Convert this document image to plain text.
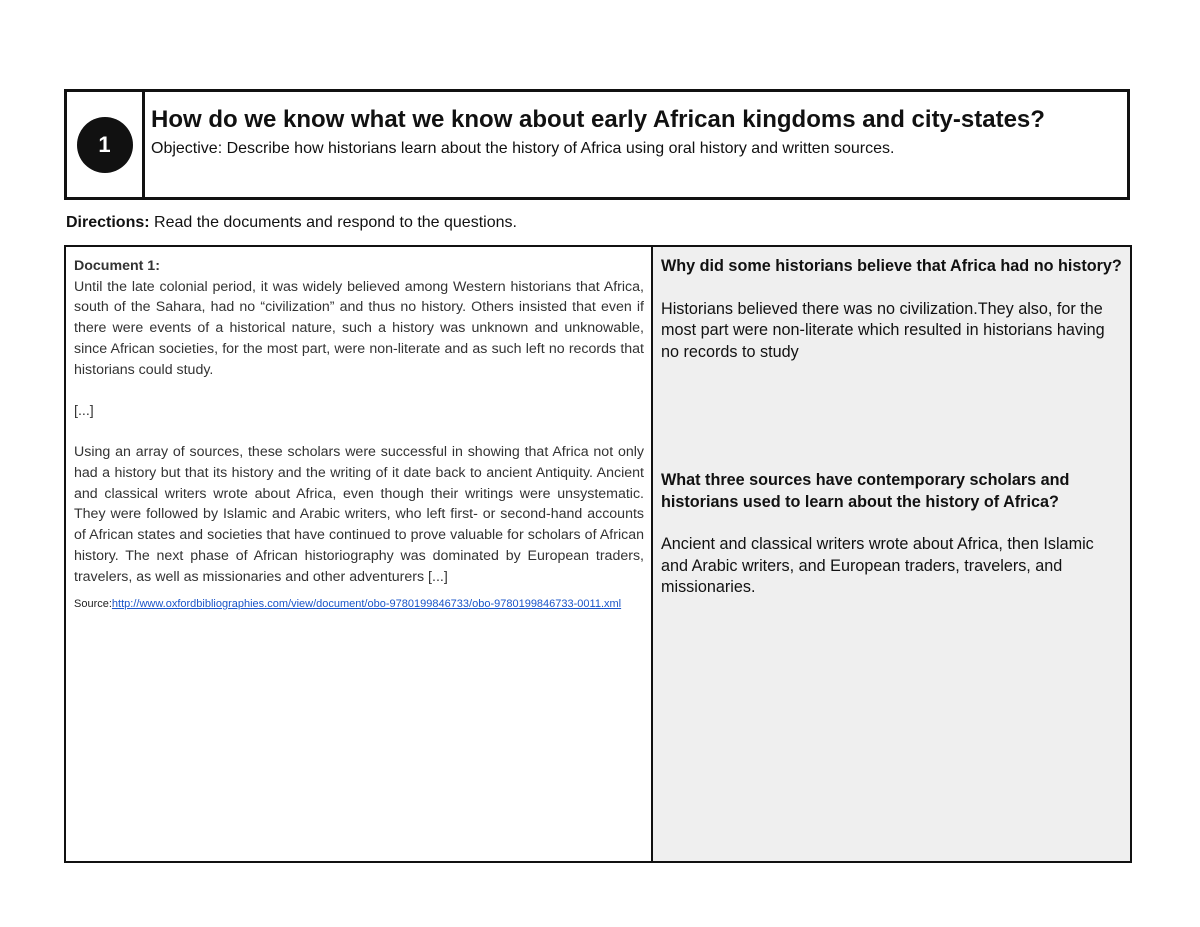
1
How do we know what we know about early African kingdoms and city-states?
Objective: Describe how historians learn about the history of Africa using oral history and written sources.
Directions: Read the documents and respond to the questions.
Document 1:

Until the late colonial period, it was widely believed among Western historians that Africa, south of the Sahara, had no “civilization” and thus no history. Others insisted that even if there were events of a historical nature, such a history was unknown and unknowable, since African societies, for the most part, were non-literate and as such left no records that historians could study.

[...]

Using an array of sources, these scholars were successful in showing that Africa not only had a history but that its history and the writing of it date back to ancient Antiquity. Ancient and classical writers wrote about Africa, even though their writings were unsystematic. They were followed by Islamic and Arabic writers, who left first- or second-hand accounts of African states and societies that have continued to prove valuable for scholars of African history. The next phase of African historiography was dominated by European traders, travelers, as well as missionaries and other adventurers [...]

Source:http://www.oxfordbibliographies.com/view/document/obo-9780199846733/obo-9780199846733-0011.xml
Why did some historians believe that Africa had no history?
Historians believed there was no civilization.They also, for the most part were non-literate which resulted in historians having no records to study
What three sources have contemporary scholars and historians used to learn about the history of Africa?
Ancient and classical writers wrote about Africa, then Islamic and Arabic writers, and European traders, travelers, and missionaries.
